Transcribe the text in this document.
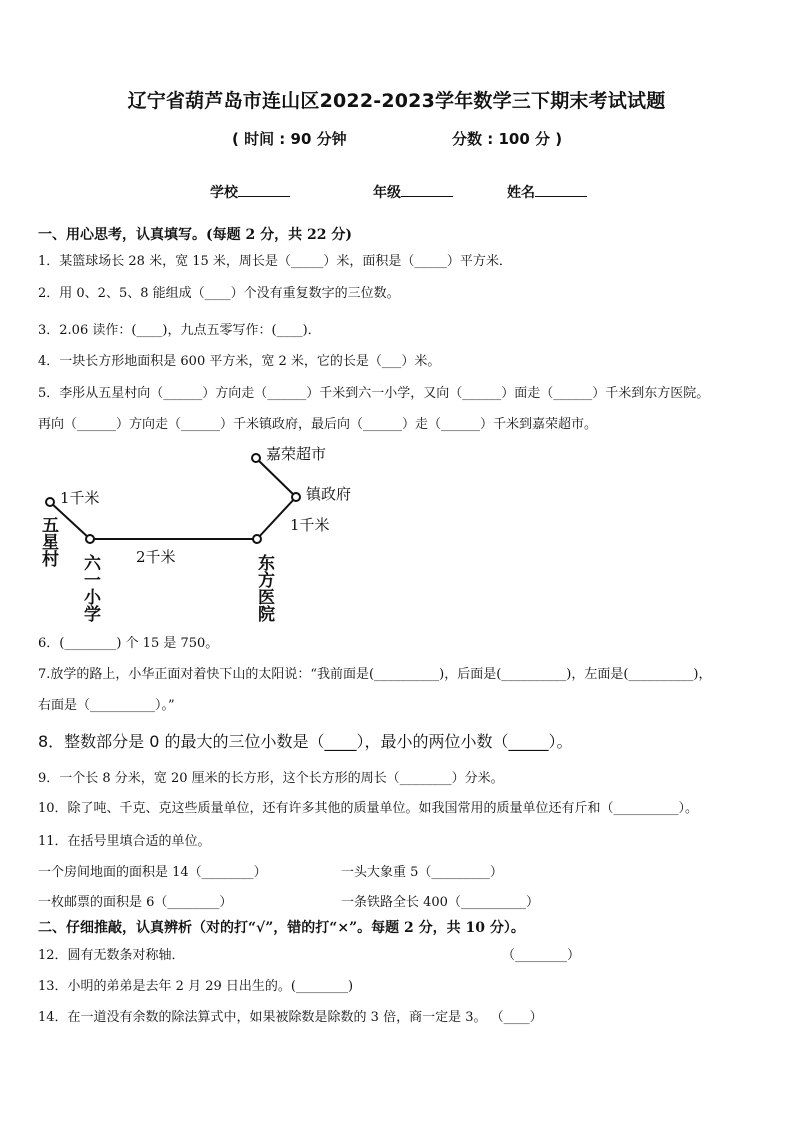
辽宁省葫芦岛市连山区2022-2023学年数学三下期末考试试题
( 时间 : 90 分钟	分数 : 100 分 )
学校	年级	姓名
一、用心思考，认真填写。(每题 2 分，共 22 分)
1．某篮球场长 28 米，宽 15 米，周长是（_____）米，面积是（_____）平方米．
2．用 0、2、5、8 能组成（____）个没有重复数字的三位数。
3．2.06 读作：(____)，九点五零写作：(____)．
4．一块长方形地面积是 600 平方米，宽 2 米，它的长是（___）米。
5．李彤从五星村向（______）方向走（______）千米到六一小学，又向（______）面走（______）千米到东方医院。
再向（______）方向走（______）千米镇政府，最后向（______）走（______）千米到嘉荣超市。
嘉荣超市
镇政府
1千米
2千米
1千米
五星村
六一小学	东方医院
6．(________) 个 15 是 750。
7.放学的路上，小华正面对着快下山的太阳说：“我前面是(__________)，后面是(__________)，左面是(__________)，
右面是（__________）。”
8．整数部分是 0 的最大的三位小数是（____），最小的两位小数（_____）。
9．一个长 8 分米，宽 20 厘米的长方形，这个长方形的周长（________）分米。
10．除了吨、千克、克这些质量单位，还有许多其他的质量单位。如我国常用的质量单位还有斤和（__________）。
11．在括号里填合适的单位。
一个房间地面的面积是 14（________）	一头大象重 5（_________）
一枚邮票的面积是 6（________）	一条铁路全长 400（__________）
二、仔细推敲，认真辨析（对的打“√”，错的打“×”。每题 2 分，共 10 分）。
12．圆有无数条对称轴．	（________）
13．小明的弟弟是去年 2 月 29 日出生的。(________)
14．在一道没有余数的除法算式中，如果被除数是除数的 3 倍，商一定是 3。 （____）
